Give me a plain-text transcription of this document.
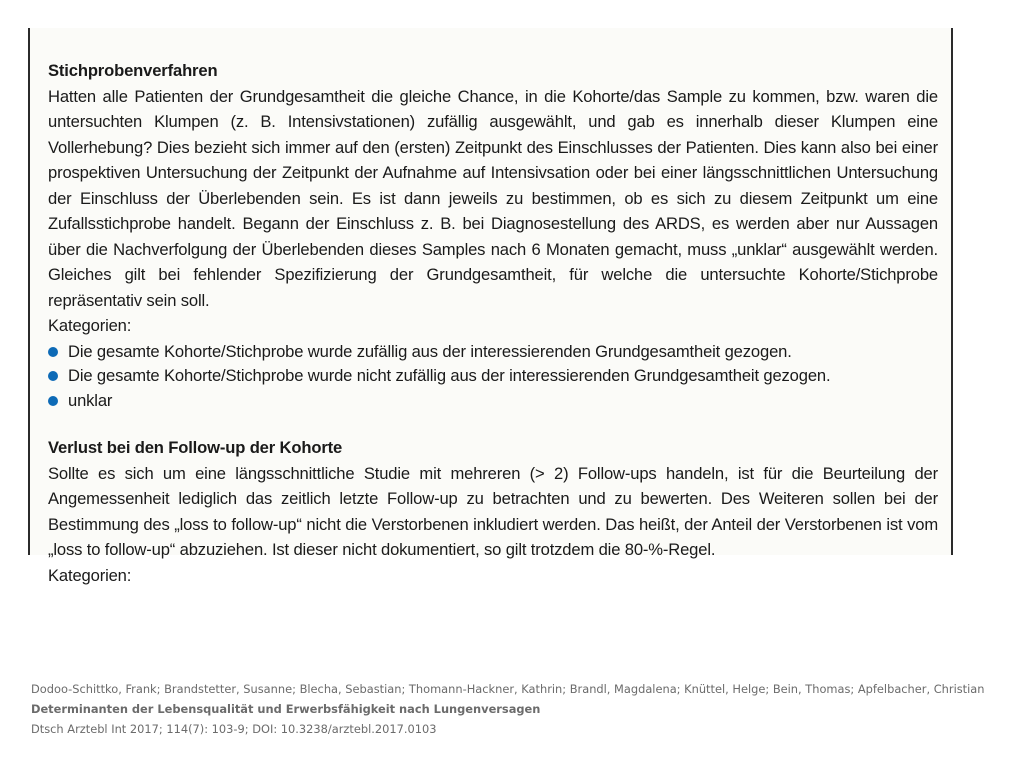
Stichprobenverfahren

Hatten alle Patienten der Grundgesamtheit die gleiche Chance, in die Kohorte/das Sample zu kommen, bzw. waren die untersuchten Klumpen (z. B. Intensivstationen) zufällig ausgewählt, und gab es innerhalb dieser Klumpen eine Vollerhebung? Dies bezieht sich immer auf den (ersten) Zeitpunkt des Einschlusses der Patienten. Dies kann also bei einer prospektiven Untersuchung der Zeitpunkt der Aufnahme auf Intensivsation oder bei einer längsschnittlichen Untersuchung der Einschluss der Überlebenden sein. Es ist dann jeweils zu bestimmen, ob es sich zu diesem Zeitpunkt um eine Zufallsstichprobe handelt. Begann der Einschluss z. B. bei Diagnosestellung des ARDS, es werden aber nur Aussagen über die Nachverfolgung der Überlebenden dieses Samples nach 6 Monaten gemacht, muss „unklar“ ausgewählt werden. Gleiches gilt bei fehlender Spezifizierung der Grundgesamtheit, für welche die untersuchte Kohorte/Stichprobe repräsentativ sein soll.

Kategorien:

Die gesamte Kohorte/Stichprobe wurde zufällig aus der interessierenden Grundgesamtheit gezogen.
Die gesamte Kohorte/Stichprobe wurde nicht zufällig aus der interessierenden Grundgesamtheit gezogen.
unklar

Verlust bei den Follow-up der Kohorte

Sollte es sich um eine längsschnittliche Studie mit mehreren (> 2) Follow-ups handeln, ist für die Beurteilung der Angemessenheit lediglich das zeitlich letzte Follow-up zu betrachten und zu bewerten. Des Weiteren sollen bei der Bestimmung des „loss to follow-up“ nicht die Verstorbenen inkludiert werden. Das heißt, der Anteil der Verstorbenen ist vom „loss to follow-up“ abzuziehen. Ist dieser nicht dokumentiert, so gilt trotzdem die 80-%-Regel.

Kategorien:

Dodoo-Schittko, Frank; Brandstetter, Susanne; Blecha, Sebastian; Thomann-Hackner, Kathrin; Brandl, Magdalena; Knüttel, Helge; Bein, Thomas; Apfelbacher, Christian
Determinanten der Lebensqualität und Erwerbsfähigkeit nach Lungenversagen
Dtsch Arztebl Int 2017; 114(7): 103-9; DOI: 10.3238/arztebl.2017.0103
